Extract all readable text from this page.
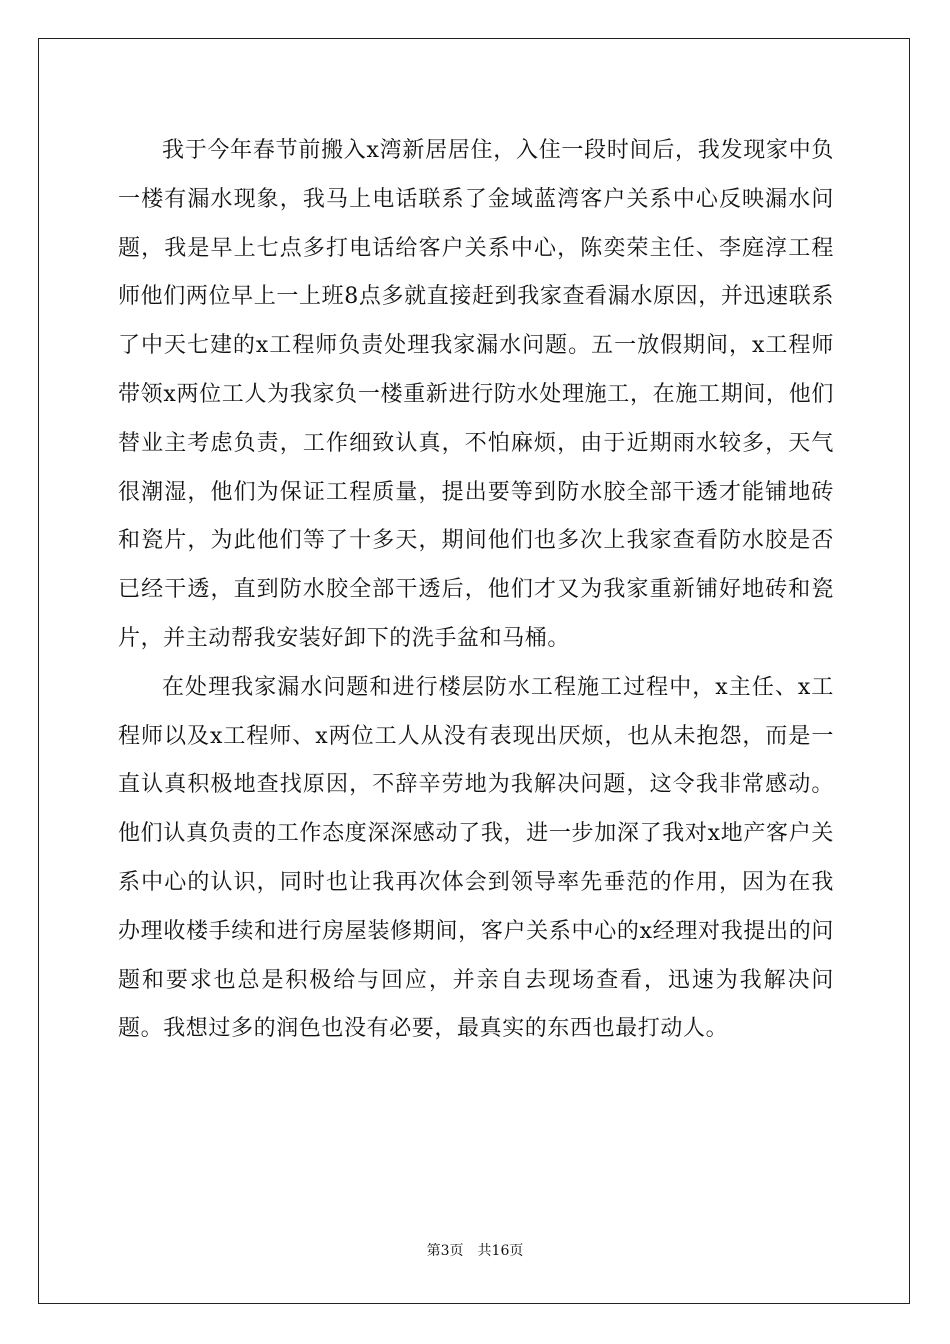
我于今年春节前搬入x湾新居居住，入住一段时间后，我发现家中负一楼有漏水现象，我马上电话联系了金域蓝湾客户关系中心反映漏水问题，我是早上七点多打电话给客户关系中心，陈奕荣主任、李庭淳工程师他们两位早上一上班8点多就直接赶到我家查看漏水原因，并迅速联系了中天七建的x工程师负责处理我家漏水问题。五一放假期间，x工程师带领x两位工人为我家负一楼重新进行防水处理施工，在施工期间，他们替业主考虑负责，工作细致认真，不怕麻烦，由于近期雨水较多，天气很潮湿，他们为保证工程质量，提出要等到防水胶全部干透才能铺地砖和瓷片，为此他们等了十多天，期间他们也多次上我家查看防水胶是否已经干透，直到防水胶全部干透后，他们才又为我家重新铺好地砖和瓷片，并主动帮我安装好卸下的洗手盆和马桶。

在处理我家漏水问题和进行楼层防水工程施工过程中，x主任、x工程师以及x工程师、x两位工人从没有表现出厌烦，也从未抱怨，而是一直认真积极地查找原因，不辞辛劳地为我解决问题，这令我非常感动。他们认真负责的工作态度深深感动了我，进一步加深了我对x地产客户关系中心的认识，同时也让我再次体会到领导率先垂范的作用，因为在我办理收楼手续和进行房屋装修期间，客户关系中心的x经理对我提出的问题和要求也总是积极给与回应，并亲自去现场查看，迅速为我解决问题。我想过多的润色也没有必要，最真实的东西也最打动人。

第3页 共16页
